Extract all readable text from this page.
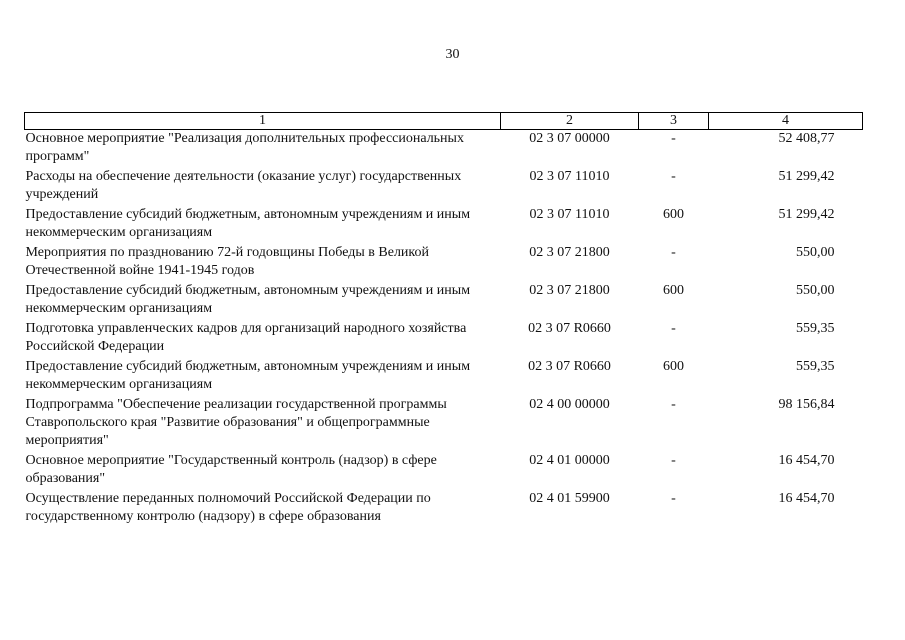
30
1	2	3	4
Основное мероприятие "Реализация дополнительных профессиональных программ"	02 3 07 00000	-	52 408,77
Расходы на обеспечение деятельности (оказание услуг) государственных учреждений	02 3 07 11010	-	51 299,42
Предоставление субсидий бюджетным, автономным учреждениям и иным некоммерческим организациям	02 3 07 11010	600	51 299,42
Мероприятия по празднованию 72-й годовщины Победы в Великой Отечественной войне 1941-1945 годов	02 3 07 21800	-	550,00
Предоставление субсидий бюджетным, автономным учреждениям и иным некоммерческим организациям	02 3 07 21800	600	550,00
Подготовка управленческих кадров для организаций народного хозяйства Российской Федерации	02 3 07 R0660	-	559,35
Предоставление субсидий бюджетным, автономным учреждениям и иным некоммерческим организациям	02 3 07 R0660	600	559,35
Подпрограмма "Обеспечение реализации государственной программы Ставропольского края "Развитие образования" и общепрограммные мероприятия"	02 4 00 00000	-	98 156,84
Основное мероприятие "Государственный контроль (надзор) в сфере образования"	02 4 01 00000	-	16 454,70
Осуществление переданных полномочий Российской Федерации по государственному контролю (надзору) в сфере образования	02 4 01 59900	-	16 454,70
